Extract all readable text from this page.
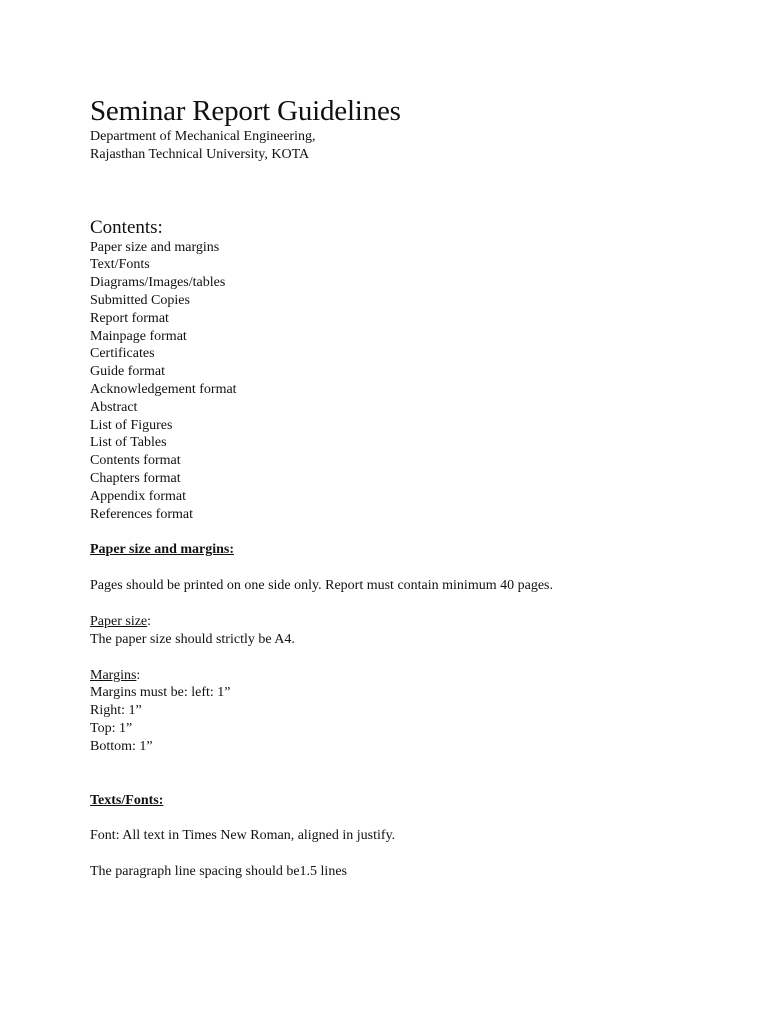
Seminar Report Guidelines

Department of Mechanical Engineering,

Rajasthan Technical University, KOTA

Contents:
Paper size and margins
Text/Fonts
Diagrams/Images/tables
Submitted Copies
Report format
Mainpage format
Certificates
Guide format
Acknowledgement format
Abstract
List of Figures
List of Tables
Contents format
Chapters format
Appendix format
References format

Paper size and margins:

Pages should be printed on one side only. Report must contain minimum 40 pages.

Paper size:

The paper size should strictly be A4.

Margins:

Margins must be: left: 1”

Right: 1”

Top: 1”

Bottom: 1”

Texts/Fonts:

Font: All text in Times New Roman, aligned in justify.

The paragraph line spacing should be1.5 lines
